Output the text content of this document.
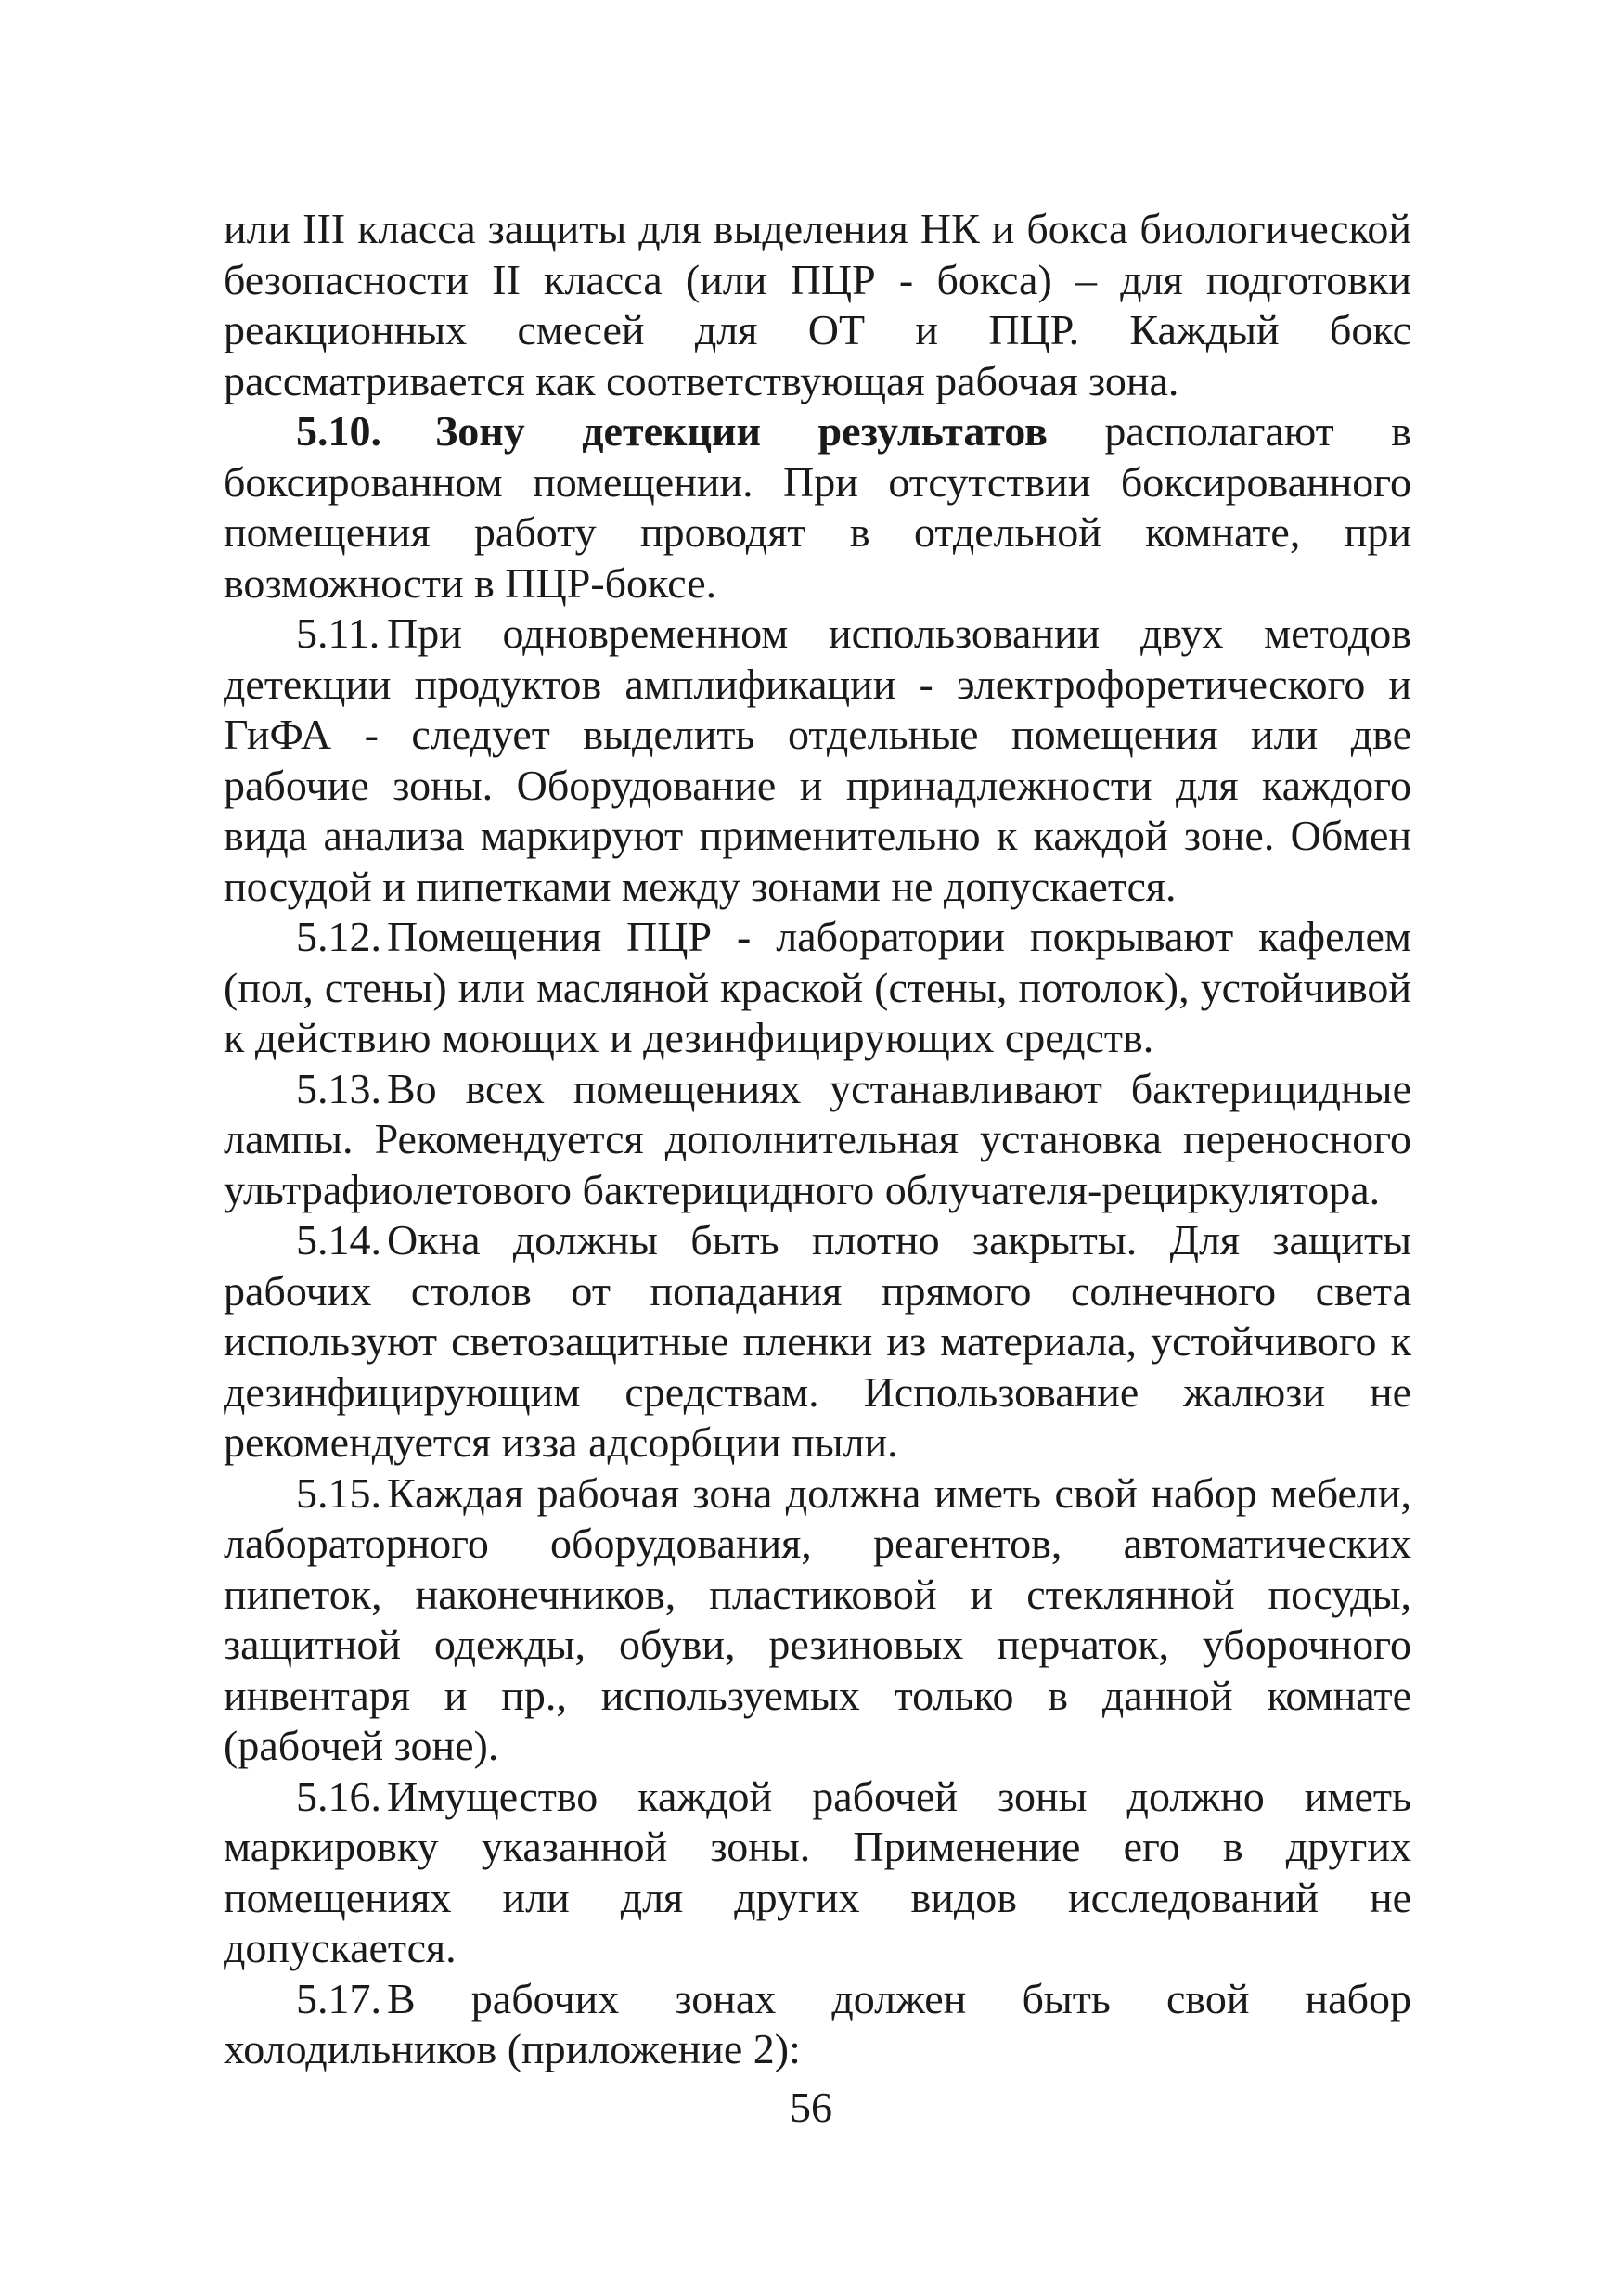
или III класса защиты для выделения НК и бокса биологической безопасности II класса (или ПЦР - бокса) – для подготовки реакционных смесей для ОТ и ПЦР. Каждый бокс рассматривается как соответствующая рабочая зона.

5.10. Зону детекции результатов располагают в боксированном помещении. При отсутствии боксированного помещения работу проводят в отдельной комнате, при возможности в ПЦР-боксе.

5.11. При одновременном использовании двух методов детекции продуктов амплификации - электрофоретического и ГиФА - следует выделить отдельные помещения или две рабочие зоны. Оборудование и принадлежности для каждого вида анализа маркируют применительно к каждой зоне. Обмен посудой и пипетками между зонами не допускается.

5.12. Помещения ПЦР - лаборатории покрывают кафелем (пол, стены) или масляной краской (стены, потолок), устойчивой к действию моющих и дезинфицирующих средств.

5.13. Во всех помещениях устанавливают бактерицидные лампы. Рекомендуется дополнительная установка переносного ультрафиолетового бактерицидного облучателя-рециркулятора.

5.14. Окна должны быть плотно закрыты. Для защиты рабочих столов от попадания прямого солнечного света используют светозащитные пленки из материала, устойчивого к дезинфицирующим средствам. Использование жалюзи не рекомендуется изза адсорбции пыли.

5.15. Каждая рабочая зона должна иметь свой набор мебели, лабораторного оборудования, реагентов, автоматических пипеток, наконечников, пластиковой и стеклянной посуды, защитной одежды, обуви, резиновых перчаток, уборочного инвентаря и пр., используемых только в данной комнате (рабочей зоне).

5.16. Имущество каждой рабочей зоны должно иметь маркировку указанной зоны. Применение его в других помещениях или для других видов исследований не допускается.

5.17. В рабочих зонах должен быть свой набор холодильников (приложение 2):

56
